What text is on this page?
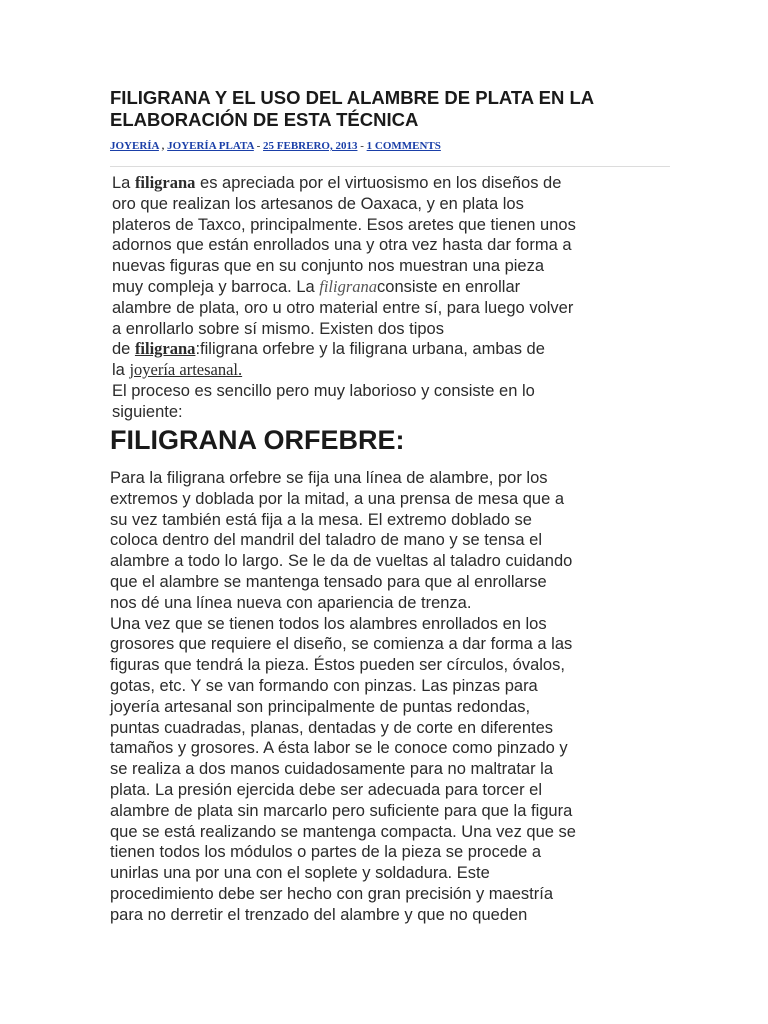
FILIGRANA Y EL USO DEL ALAMBRE DE PLATA EN LA
ELABORACIÓN DE ESTA TÉCNICA
JOYERÍA , JOYERÍA PLATA - 25 FEBRERO, 2013 - 1 COMMENTS
La filigrana es apreciada por el virtuosismo en los diseños de
oro que realizan los artesanos de Oaxaca, y en plata los
plateros de Taxco, principalmente. Esos aretes que tienen unos
adornos que están enrollados una y otra vez hasta dar forma a
nuevas figuras que en su conjunto nos muestran una pieza
muy compleja y barroca. La filigranaconsiste en enrollar
alambre de plata, oro u otro material entre sí, para luego volver
a enrollarlo sobre sí mismo. Existen dos tipos
de filigrana:filigrana orfebre y la filigrana urbana, ambas de
la joyería artesanal.
El proceso es sencillo pero muy laborioso y consiste en lo
siguiente:
FILIGRANA ORFEBRE:
Para la filigrana orfebre se fija una línea de alambre, por los
extremos y doblada por la mitad, a una prensa de mesa que a
su vez también está fija a la mesa. El extremo doblado se
coloca dentro del mandril del taladro de mano y se tensa el
alambre a todo lo largo. Se le da de vueltas al taladro cuidando
que el alambre se mantenga tensado para que al enrollarse
nos dé una línea nueva con apariencia de trenza.
Una vez que se tienen todos los alambres enrollados en los
grosores que requiere el diseño, se comienza a dar forma a las
figuras que tendrá la pieza. Éstos pueden ser círculos, óvalos,
gotas, etc. Y se van formando con pinzas. Las pinzas para
joyería artesanal son principalmente de puntas redondas,
puntas cuadradas, planas, dentadas y de corte en diferentes
tamaños y grosores. A ésta labor se le conoce como pinzado y
se realiza a dos manos cuidadosamente para no maltratar la
plata. La presión ejercida debe ser adecuada para torcer el
alambre de plata sin marcarlo pero suficiente para que la figura
que se está realizando se mantenga compacta. Una vez que se
tienen todos los módulos o partes de la pieza se procede a
unirlas una por una con el soplete y soldadura. Este
procedimiento debe ser hecho con gran precisión y maestría
para no derretir el trenzado del alambre y que no queden
